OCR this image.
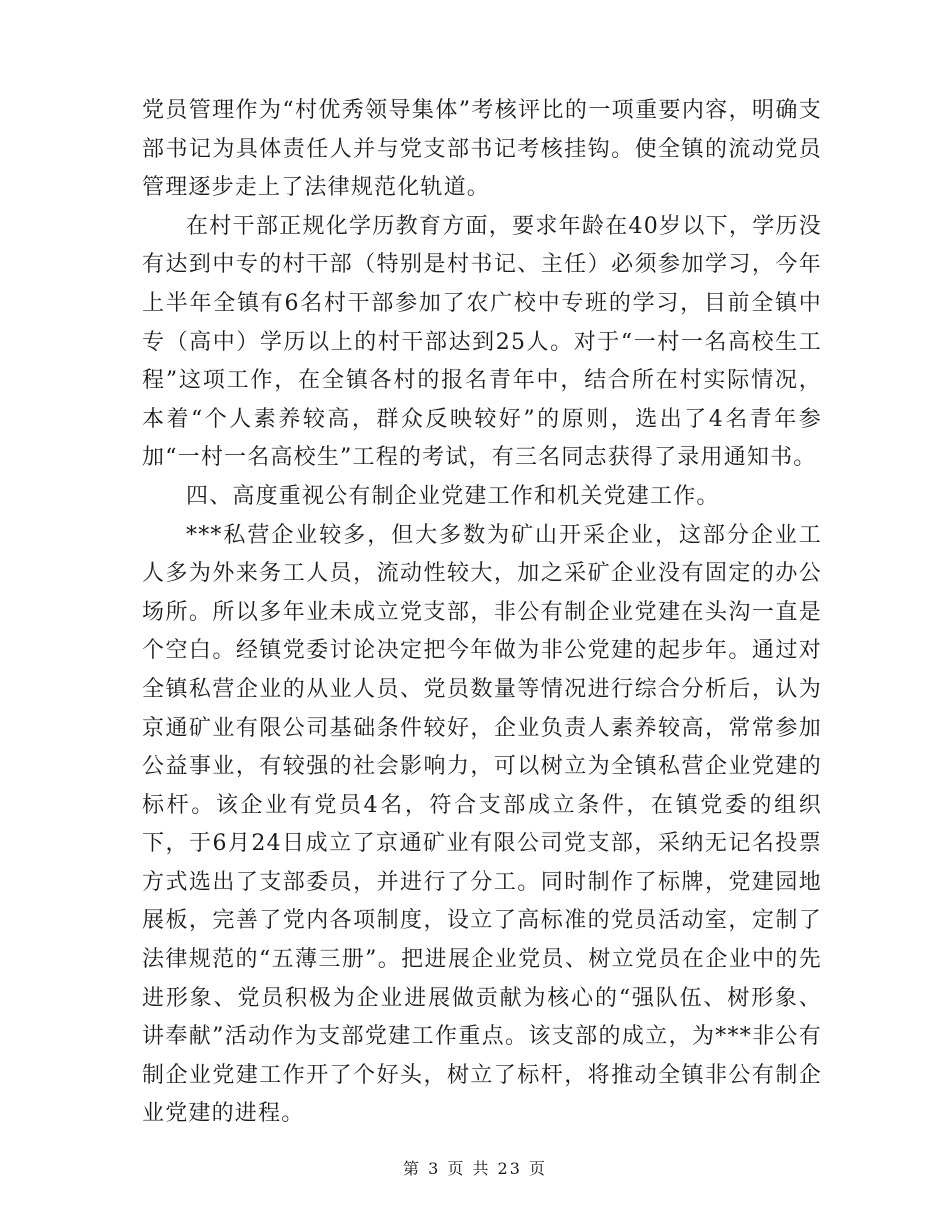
党员管理作为“村优秀领导集体”考核评比的一项重要内容，明确支部书记为具体责任人并与党支部书记考核挂钩。使全镇的流动党员管理逐步走上了法律规范化轨道。

在村干部正规化学历教育方面，要求年龄在40岁以下，学历没有达到中专的村干部（特别是村书记、主任）必须参加学习，今年上半年全镇有6名村干部参加了农广校中专班的学习，目前全镇中专（高中）学历以上的村干部达到25人。对于“一村一名高校生工程”这项工作，在全镇各村的报名青年中，结合所在村实际情况，本着“个人素养较高，群众反映较好”的原则，选出了4名青年参加“一村一名高校生”工程的考试，有三名同志获得了录用通知书。

四、高度重视公有制企业党建工作和机关党建工作。

***私营企业较多，但大多数为矿山开采企业，这部分企业工人多为外来务工人员，流动性较大，加之采矿企业没有固定的办公场所。所以多年业未成立党支部，非公有制企业党建在头沟一直是个空白。经镇党委讨论决定把今年做为非公党建的起步年。通过对全镇私营企业的从业人员、党员数量等情况进行综合分析后，认为京通矿业有限公司基础条件较好，企业负责人素养较高，常常参加公益事业，有较强的社会影响力，可以树立为全镇私营企业党建的标杆。该企业有党员4名，符合支部成立条件，在镇党委的组织下，于6月24日成立了京通矿业有限公司党支部，采纳无记名投票方式选出了支部委员，并进行了分工。同时制作了标牌，党建园地展板，完善了党内各项制度，设立了高标准的党员活动室，定制了法律规范的“五薄三册”。把进展企业党员、树立党员在企业中的先进形象、党员积极为企业进展做贡献为核心的“强队伍、树形象、讲奉献”活动作为支部党建工作重点。该支部的成立，为***非公有制企业党建工作开了个好头，树立了标杆，将推动全镇非公有制企业党建的进程。

第 3 页 共 23 页
